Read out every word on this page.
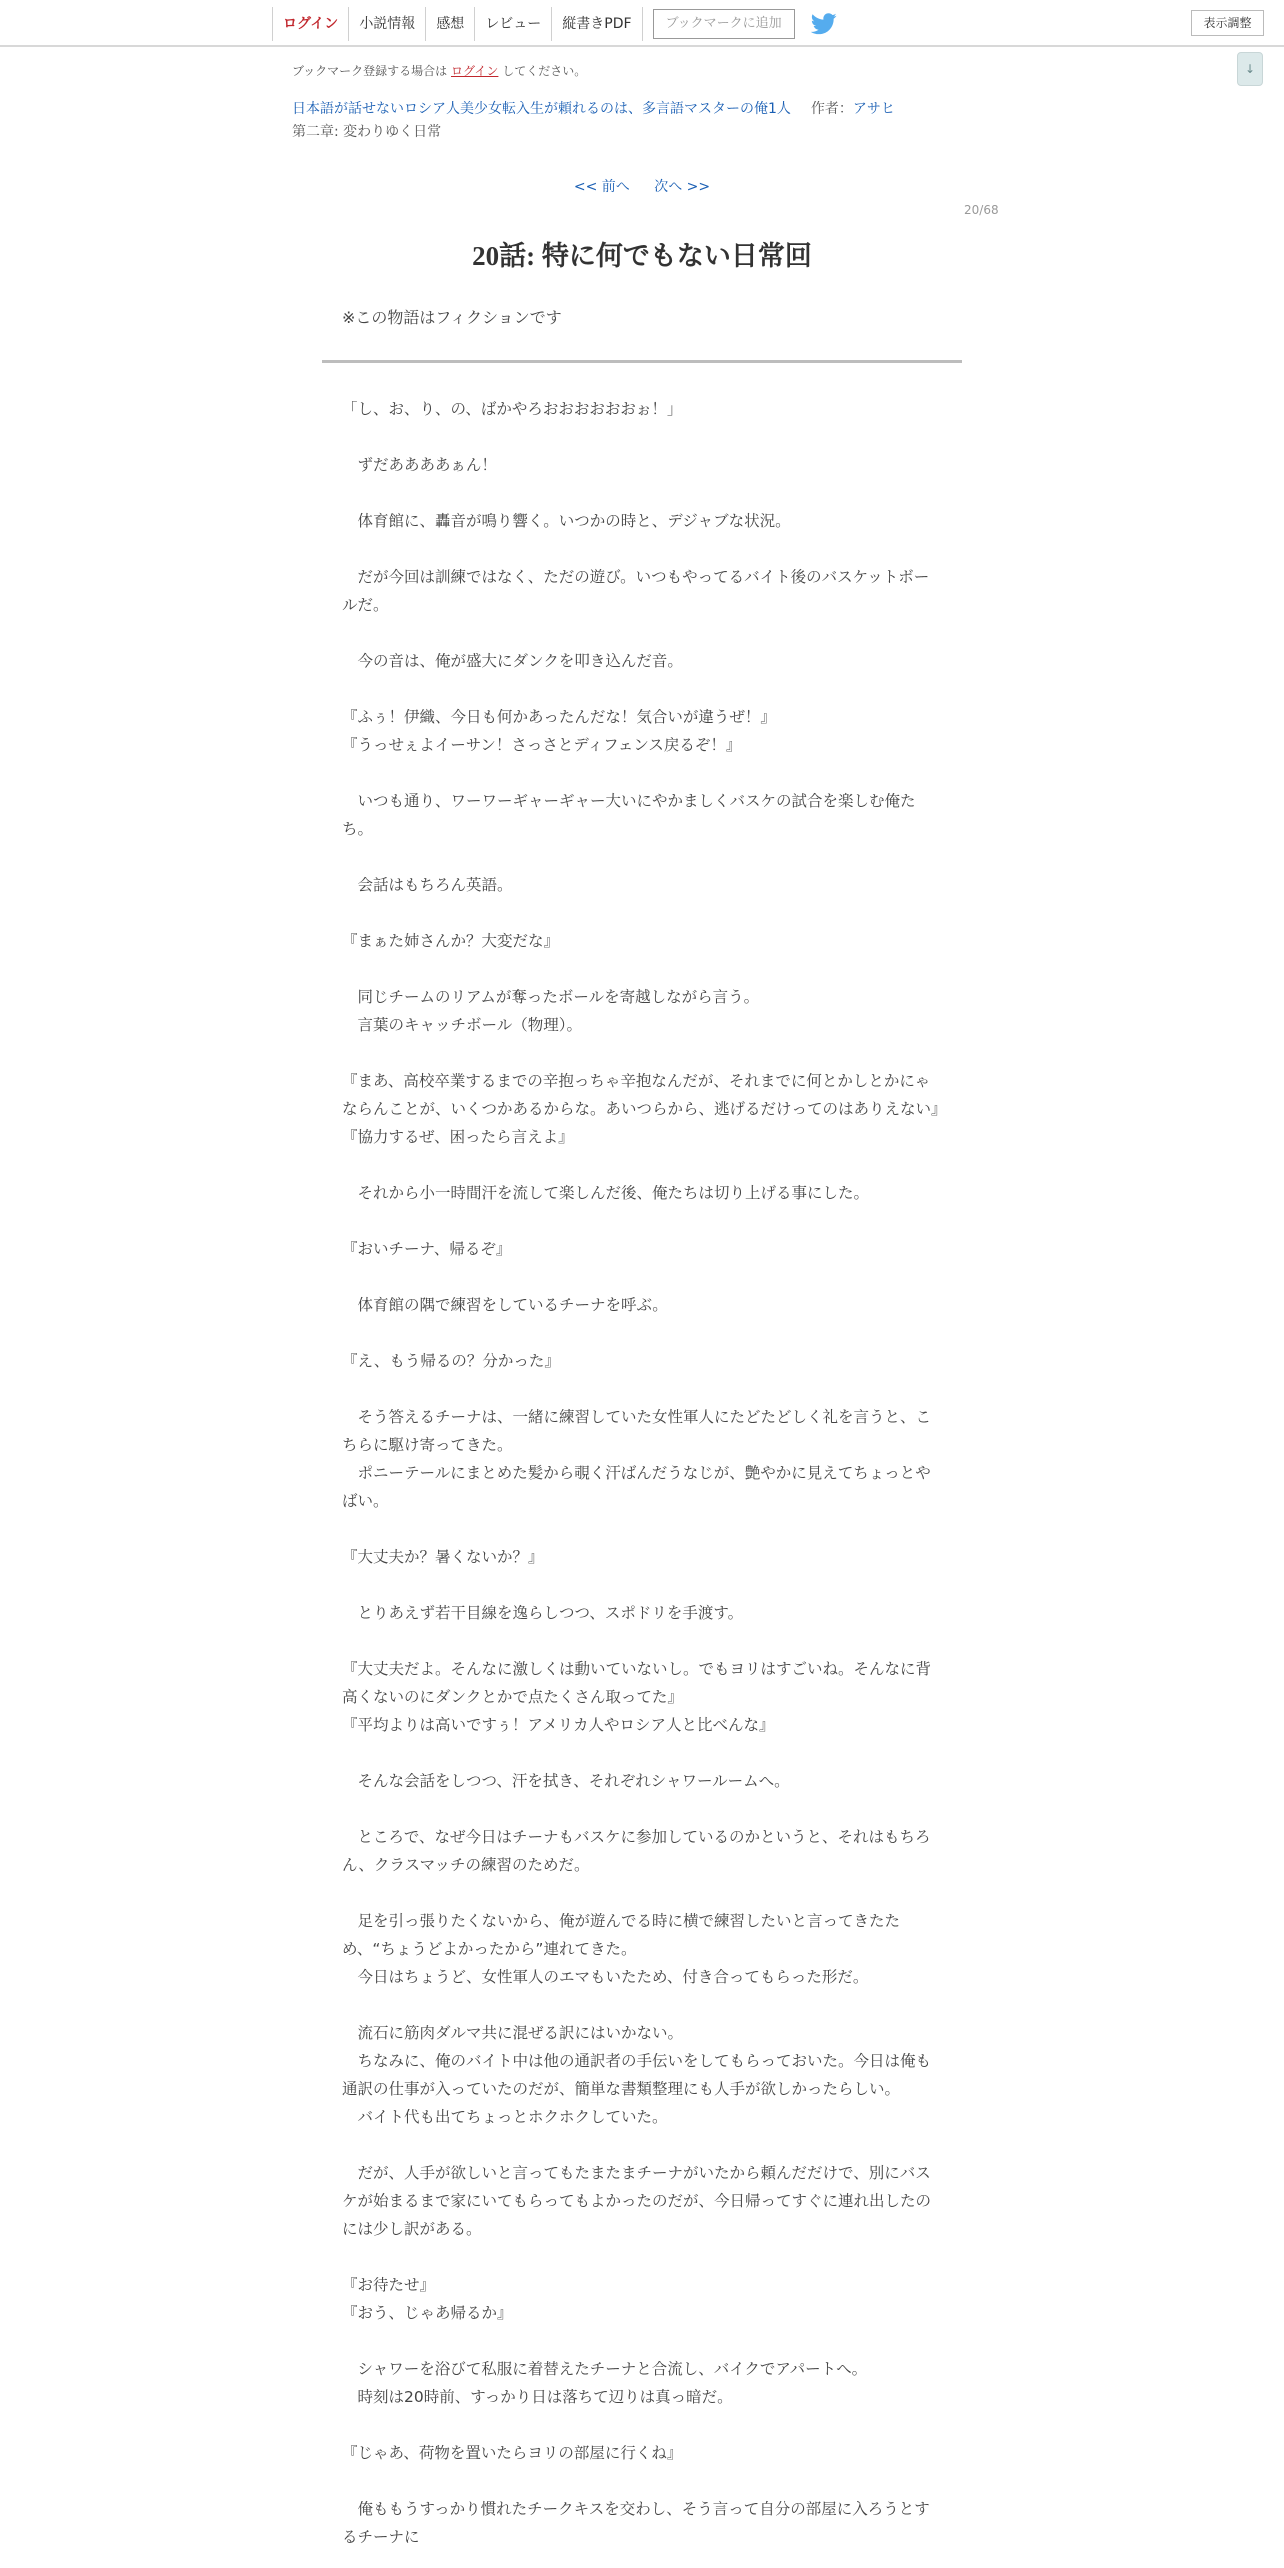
ログイン	小説情報	感想	レビュー	縦書きPDF	ブックマークに追加	表示調整
↓
ブックマーク登録する場合は ログイン してください。
日本語が話せないロシア人美少女転入生が頼れるのは、多言語マスターの俺1人 作者：アサヒ
第二章: 変わりゆく日常
<< 前へ 次へ >>
20/68
20話: 特に何でもない日常回
※この物語はフィクションです

「し、お、り、の、ばかやろおおおおおおぉ！」

　ずだああああぁん！

　体育館に、轟音が鳴り響く。いつかの時と、デジャブな状況。

　だが今回は訓練ではなく、ただの遊び。いつもやってるバイト後のバスケットボールだ。

　今の音は、俺が盛大にダンクを叩き込んだ音。

『ふぅ！伊織、今日も何かあったんだな！気合いが違うぜ！』

『うっせぇよイーサン！さっさとディフェンス戻るぞ！』

　いつも通り、ワーワーギャーギャー大いにやかましくバスケの試合を楽しむ俺たち。

　会話はもちろん英語。

『まぁた姉さんか？大変だな』

　同じチームのリアムが奪ったボールを寄越しながら言う。

　言葉のキャッチボール（物理）。

『まあ、高校卒業するまでの辛抱っちゃ辛抱なんだが、それまでに何とかしとかにゃならんことが、いくつかあるからな。あいつらから、逃げるだけってのはありえない』

『協力するぜ、困ったら言えよ』

　それから小一時間汗を流して楽しんだ後、俺たちは切り上げる事にした。

『おいチーナ、帰るぞ』

　体育館の隅で練習をしているチーナを呼ぶ。

『え、もう帰るの？分かった』

　そう答えるチーナは、一緒に練習していた女性軍人にたどたどしく礼を言うと、こちらに駆け寄ってきた。

　ポニーテールにまとめた髪から覗く汗ばんだうなじが、艶やかに見えてちょっとやばい。

『大丈夫か？暑くないか？』

　とりあえず若干目線を逸らしつつ、スポドリを手渡す。

『大丈夫だよ。そんなに激しくは動いていないし。でもヨリはすごいね。そんなに背高くないのにダンクとかで点たくさん取ってた』

『平均よりは高いですぅ！アメリカ人やロシア人と比べんな』

　そんな会話をしつつ、汗を拭き、それぞれシャワールームへ。

　ところで、なぜ今日はチーナもバスケに参加しているのかというと、それはもちろん、クラスマッチの練習のためだ。

　足を引っ張りたくないから、俺が遊んでる時に横で練習したいと言ってきたため、“ちょうどよかったから”連れてきた。

　今日はちょうど、女性軍人のエマもいたため、付き合ってもらった形だ。

　流石に筋肉ダルマ共に混ぜる訳にはいかない。

　ちなみに、俺のバイト中は他の通訳者の手伝いをしてもらっておいた。今日は俺も通訳の仕事が入っていたのだが、簡単な書類整理にも人手が欲しかったらしい。

　バイト代も出てちょっとホクホクしていた。

　だが、人手が欲しいと言ってもたまたまチーナがいたから頼んだだけで、別にバスケが始まるまで家にいてもらってもよかったのだが、今日帰ってすぐに連れ出したのには少し訳がある。

『お待たせ』

『おう、じゃあ帰るか』

　シャワーを浴びて私服に着替えたチーナと合流し、バイクでアパートへ。

　時刻は20時前、すっかり日は落ちて辺りは真っ暗だ。

『じゃあ、荷物を置いたらヨリの部屋に行くね』

　俺ももうすっかり慣れたチークキスを交わし、そう言って自分の部屋に入ろうとするチーナに
